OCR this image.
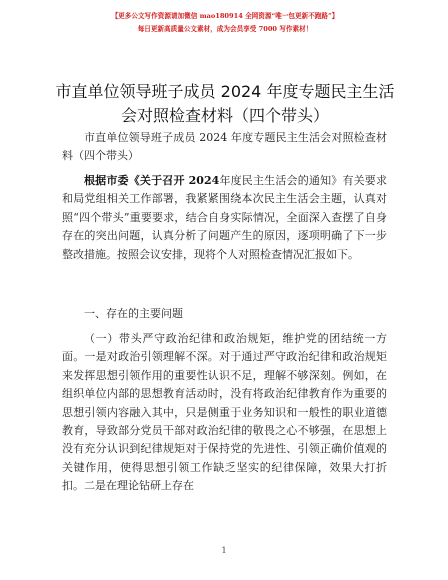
【更多公文写作资源请加微信 mao180914 全网资源“唯一包更新不跑路”】
每日更新高质量公文素材，成为会员享受 7000 写作素材！
市直单位领导班子成员 2024 年度专题民主生活
会对照检查材料（四个带头）

市直单位领导班子成员 2024 年度专题民主生活会对照检查材料（四个带头）

根据市委《关于召开 2024年度民主生活会的通知》有关要求和局党组相关工作部署，我紧紧围绕本次民主生活会主题，认真对照“四个带头”重要要求，结合自身实际情况，全面深入查摆了自身存在的突出问题，认真分析了问题产生的原因，逐项明确了下一步整改措施。按照会议安排，现将个人对照检查情况汇报如下。

一、存在的主要问题

（一）带头严守政治纪律和政治规矩，维护党的团结统一方面。一是对政治引领理解不深。对于通过严守政治纪律和政治规矩来发挥思想引领作用的重要性认识不足，理解不够深刻。例如，在组织单位内部的思想教育活动时，没有将政治纪律教育作为重要的思想引领内容融入其中，只是侧重于业务知识和一般性的职业道德教育，导致部分党员干部对政治纪律的敬畏之心不够强，在思想上没有充分认识到纪律规矩对于保持党的先进性、引领正确价值观的关键作用，使得思想引领工作缺乏坚实的纪律保障，效果大打折扣。二是在理论钻研上存在

1
